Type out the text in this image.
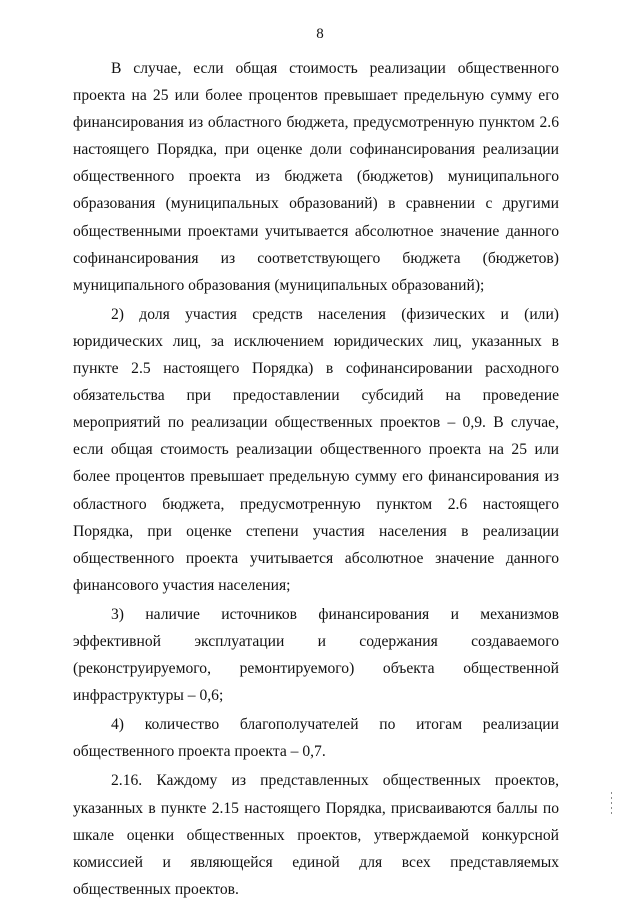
8

В случае, если общая стоимость реализации общественного проекта на 25 или более процентов превышает предельную сумму его финансирования из областного бюджета, предусмотренную пунктом 2.6 настоящего Порядка, при оценке доли софинансирования реализации общественного проекта из бюджета (бюджетов) муниципального образования (муниципальных образований) в сравнении с другими общественными проектами учитывается абсолютное значение данного софинансирования из соответствующего бюджета (бюджетов) муниципального образования (муниципальных образований);

2) доля участия средств населения (физических и (или) юридических лиц, за исключением юридических лиц, указанных в пункте 2.5 настоящего Порядка) в софинансировании расходного обязательства при предоставлении субсидий на проведение мероприятий по реализации общественных проектов – 0,9. В случае, если общая стоимость реализации общественного проекта на 25 или более процентов превышает предельную сумму его финансирования из областного бюджета, предусмотренную пунктом 2.6 настоящего Порядка, при оценке степени участия населения в реализации общественного проекта учитывается абсолютное значение данного финансового участия населения;

3) наличие источников финансирования и механизмов эффективной эксплуатации и содержания создаваемого (реконструируемого, ремонтируемого) объекта общественной инфраструктуры – 0,6;

4) количество благополучателей по итогам реализации общественного проекта проекта – 0,7.

2.16. Каждому из представленных общественных проектов, указанных в пункте 2.15 настоящего Порядка, присваиваются баллы по шкале оценки общественных проектов, утверждаемой конкурсной комиссией и являющейся единой для всех представляемых общественных проектов.
